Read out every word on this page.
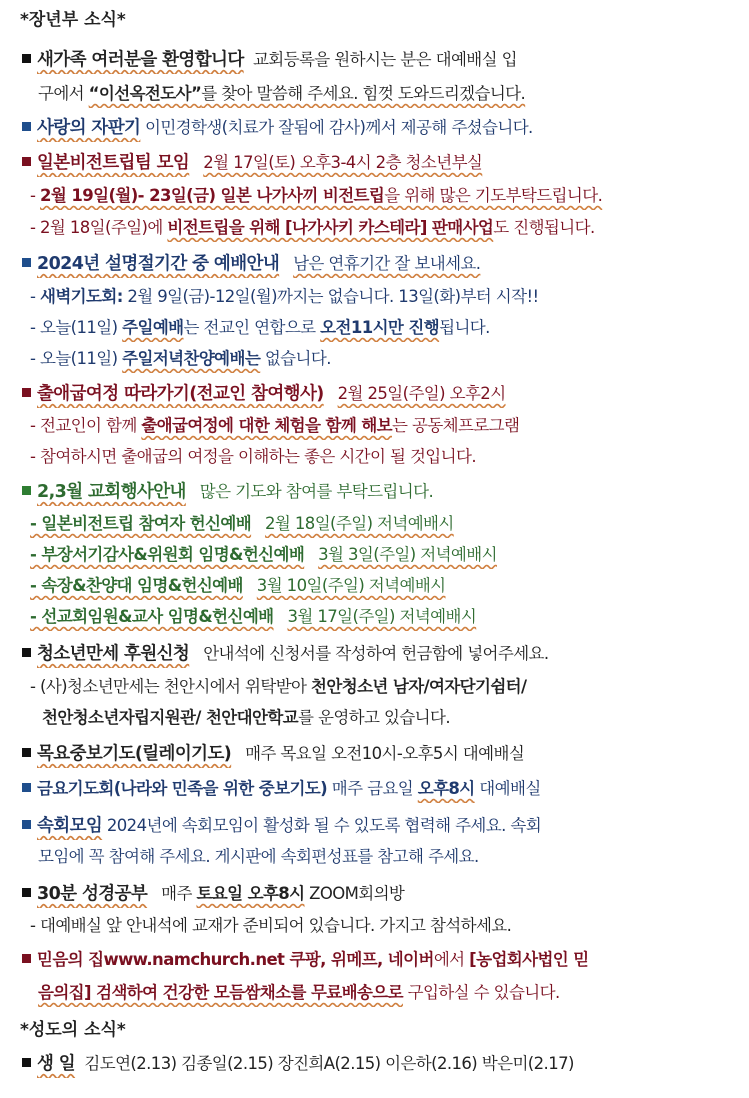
*장년부 소식*
새가족 여러분을 환영합니다 교회등록을 원하시는 분은 대예배실 입
구에서 “이선옥전도사”를 찾아 말씀해 주세요. 힘껏 도와드리겠습니다.
사랑의 자판기 이민경학생(치료가 잘됨에 감사)께서 제공해 주셨습니다.
일본비전트립팀 모임 2월 17일(토) 오후3-4시 2층 청소년부실
- 2월 19일(월)- 23일(금) 일본 나가사끼 비전트립을 위해 많은 기도부탁드립니다.
- 2월 18일(주일)에 비전트립을 위해 [나가사키 카스테라] 판매사업도 진행됩니다.
2024년 설명절기간 중 예배안내 남은 연휴기간 잘 보내세요.
- 새벽기도회: 2월 9일(금)-12일(월)까지는 없습니다. 13일(화)부터 시작!!
- 오늘(11일) 주일예배는 전교인 연합으로 오전11시만 진행됩니다.
- 오늘(11일) 주일저녁찬양예배는 없습니다.
출애굽여정 따라가기(전교인 참여행사) 2월 25일(주일) 오후2시
- 전교인이 함께 출애굽여정에 대한 체험을 함께 해보는 공동체프로그램
- 참여하시면 출애굽의 여정을 이해하는 좋은 시간이 될 것입니다.
2,3월 교회행사안내 많은 기도와 참여를 부탁드립니다.
- 일본비전트립 참여자 헌신예배 2월 18일(주일) 저녁예배시
- 부장서기감사&위원회 임명&헌신예배 3월 3일(주일) 저녁예배시
- 속장&찬양대 임명&헌신예배 3월 10일(주일) 저녁예배시
- 선교회임원&교사 임명&헌신예배 3월 17일(주일) 저녁예배시
청소년만세 후원신청 안내석에 신청서를 작성하여 헌금함에 넣어주세요.
- (사)청소년만세는 천안시에서 위탁받아 천안청소년 남자/여자단기쉼터/
천안청소년자립지원관/ 천안대안학교를 운영하고 있습니다.
목요중보기도(릴레이기도) 매주 목요일 오전10시-오후5시 대예배실
금요기도회(나라와 민족을 위한 중보기도) 매주 금요일 오후8시 대예배실
속회모임 2024년에 속회모임이 활성화 될 수 있도록 협력해 주세요. 속회
모임에 꼭 참여해 주세요. 게시판에 속회편성표를 참고해 주세요.
30분 성경공부 매주 토요일 오후8시 ZOOM회의방
- 대예배실 앞 안내석에 교재가 준비되어 있습니다. 가지고 참석하세요.
믿음의 집www.namchurch.net 쿠팡, 위메프, 네이버에서 [농업회사법인 믿
음의집] 검색하여 건강한 모듬쌈채소를 무료배송으로 구입하실 수 있습니다.
*성도의 소식*
생 일 김도연(2.13) 김종일(2.15) 장진희A(2.15) 이은하(2.16) 박은미(2.17)
